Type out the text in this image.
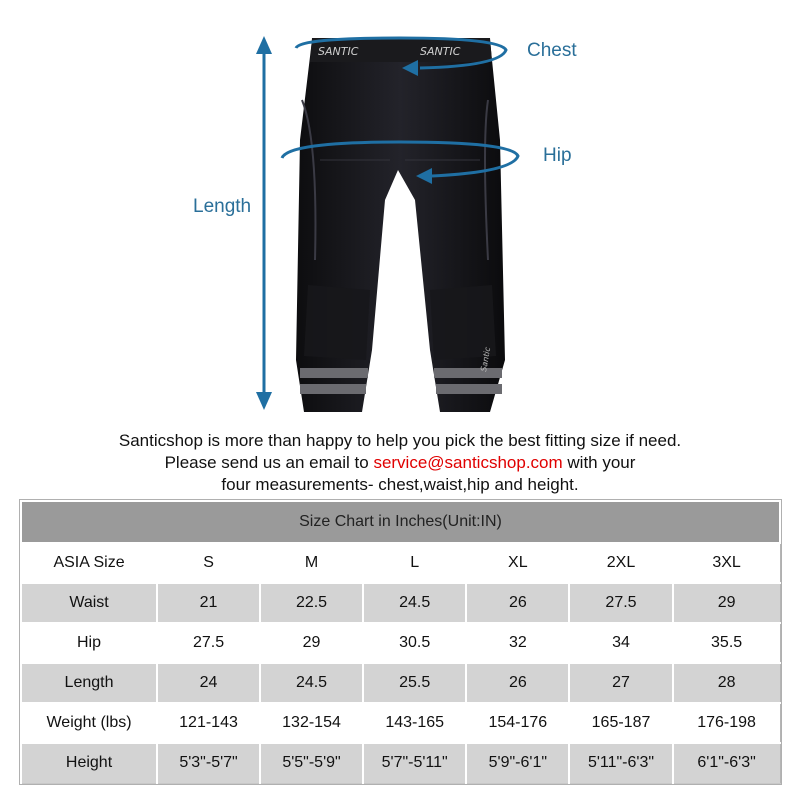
SANTIC	SANTIC
Santic
Chest
Hip
Length
Santicshop is more than happy to help you pick the best fitting size if need.
Please send us an email to service@santicshop.com with your
four measurements- chest,waist,hip and height.
Size Chart in Inches(Unit:IN)						
ASIA Size	S	M	L	XL	2XL	3XL
Waist	21	22.5	24.5	26	27.5	29
Hip	27.5	29	30.5	32	34	35.5
Length	24	24.5	25.5	26	27	28
Weight (lbs)	121-143	132-154	143-165	154-176	165-187	176-198
Height	5'3"-5'7"	5'5"-5'9"	5'7"-5'11"	5'9"-6'1"	5'11"-6'3"	6'1"-6'3"
